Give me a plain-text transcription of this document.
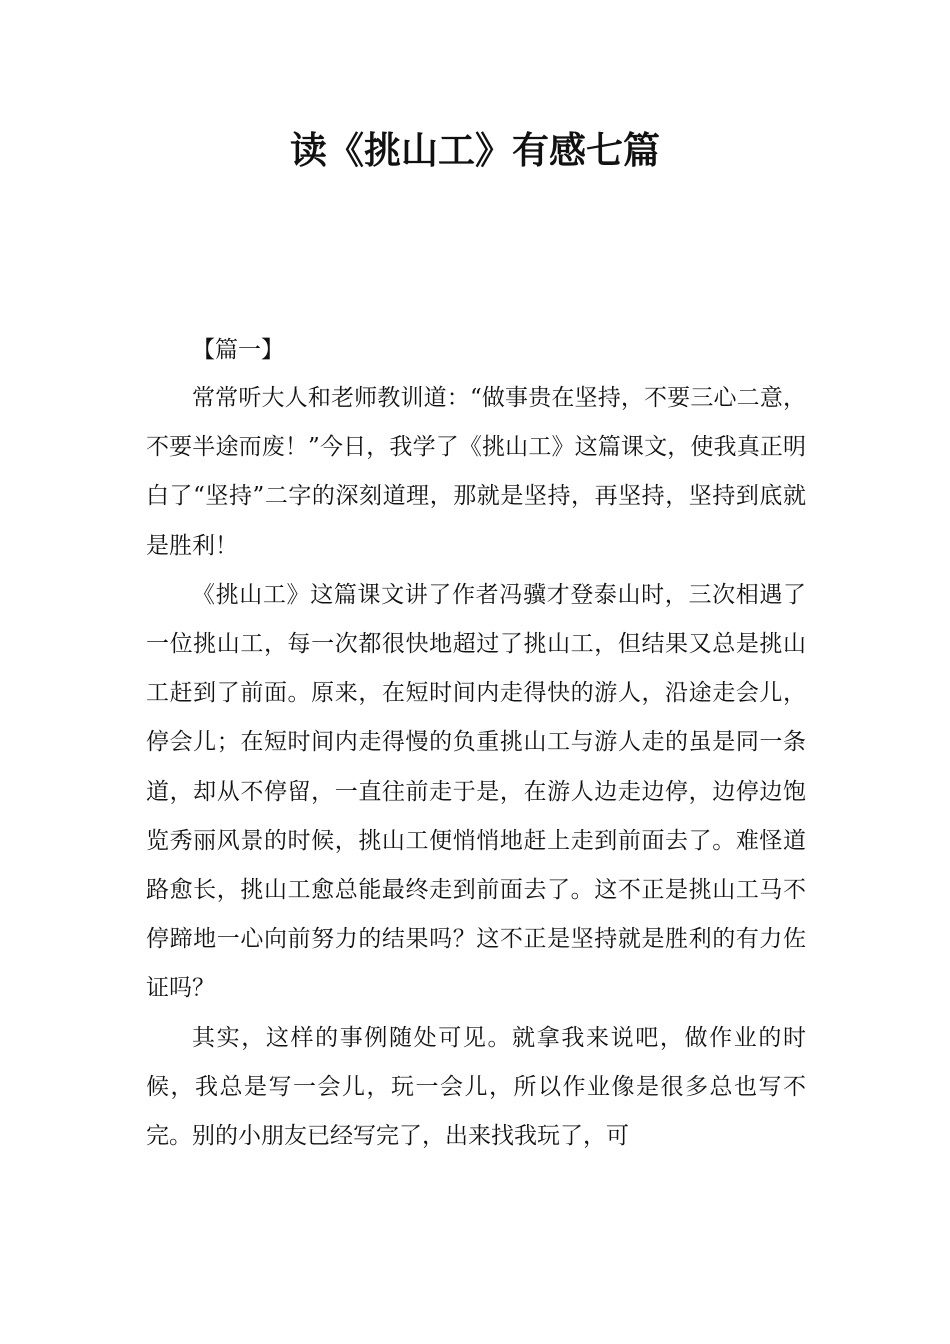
读《挑山工》有感七篇

【篇一】

常常听大人和老师教训道：“做事贵在坚持，不要三心二意，不要半途而废！”今日，我学了《挑山工》这篇课文，使我真正明白了“坚持”二字的深刻道理，那就是坚持，再坚持，坚持到底就是胜利！

《挑山工》这篇课文讲了作者冯骥才登泰山时，三次相遇了一位挑山工，每一次都很快地超过了挑山工，但结果又总是挑山工赶到了前面。原来，在短时间内走得快的游人，沿途走会儿，停会儿；在短时间内走得慢的负重挑山工与游人走的虽是同一条道，却从不停留，一直往前走于是，在游人边走边停，边停边饱览秀丽风景的时候，挑山工便悄悄地赶上走到前面去了。难怪道路愈长，挑山工愈总能最终走到前面去了。这不正是挑山工马不停蹄地一心向前努力的结果吗？这不正是坚持就是胜利的有力佐证吗？

其实，这样的事例随处可见。就拿我来说吧，做作业的时候，我总是写一会儿，玩一会儿，所以作业像是很多总也写不完。别的小朋友已经写完了，出来找我玩了，可
